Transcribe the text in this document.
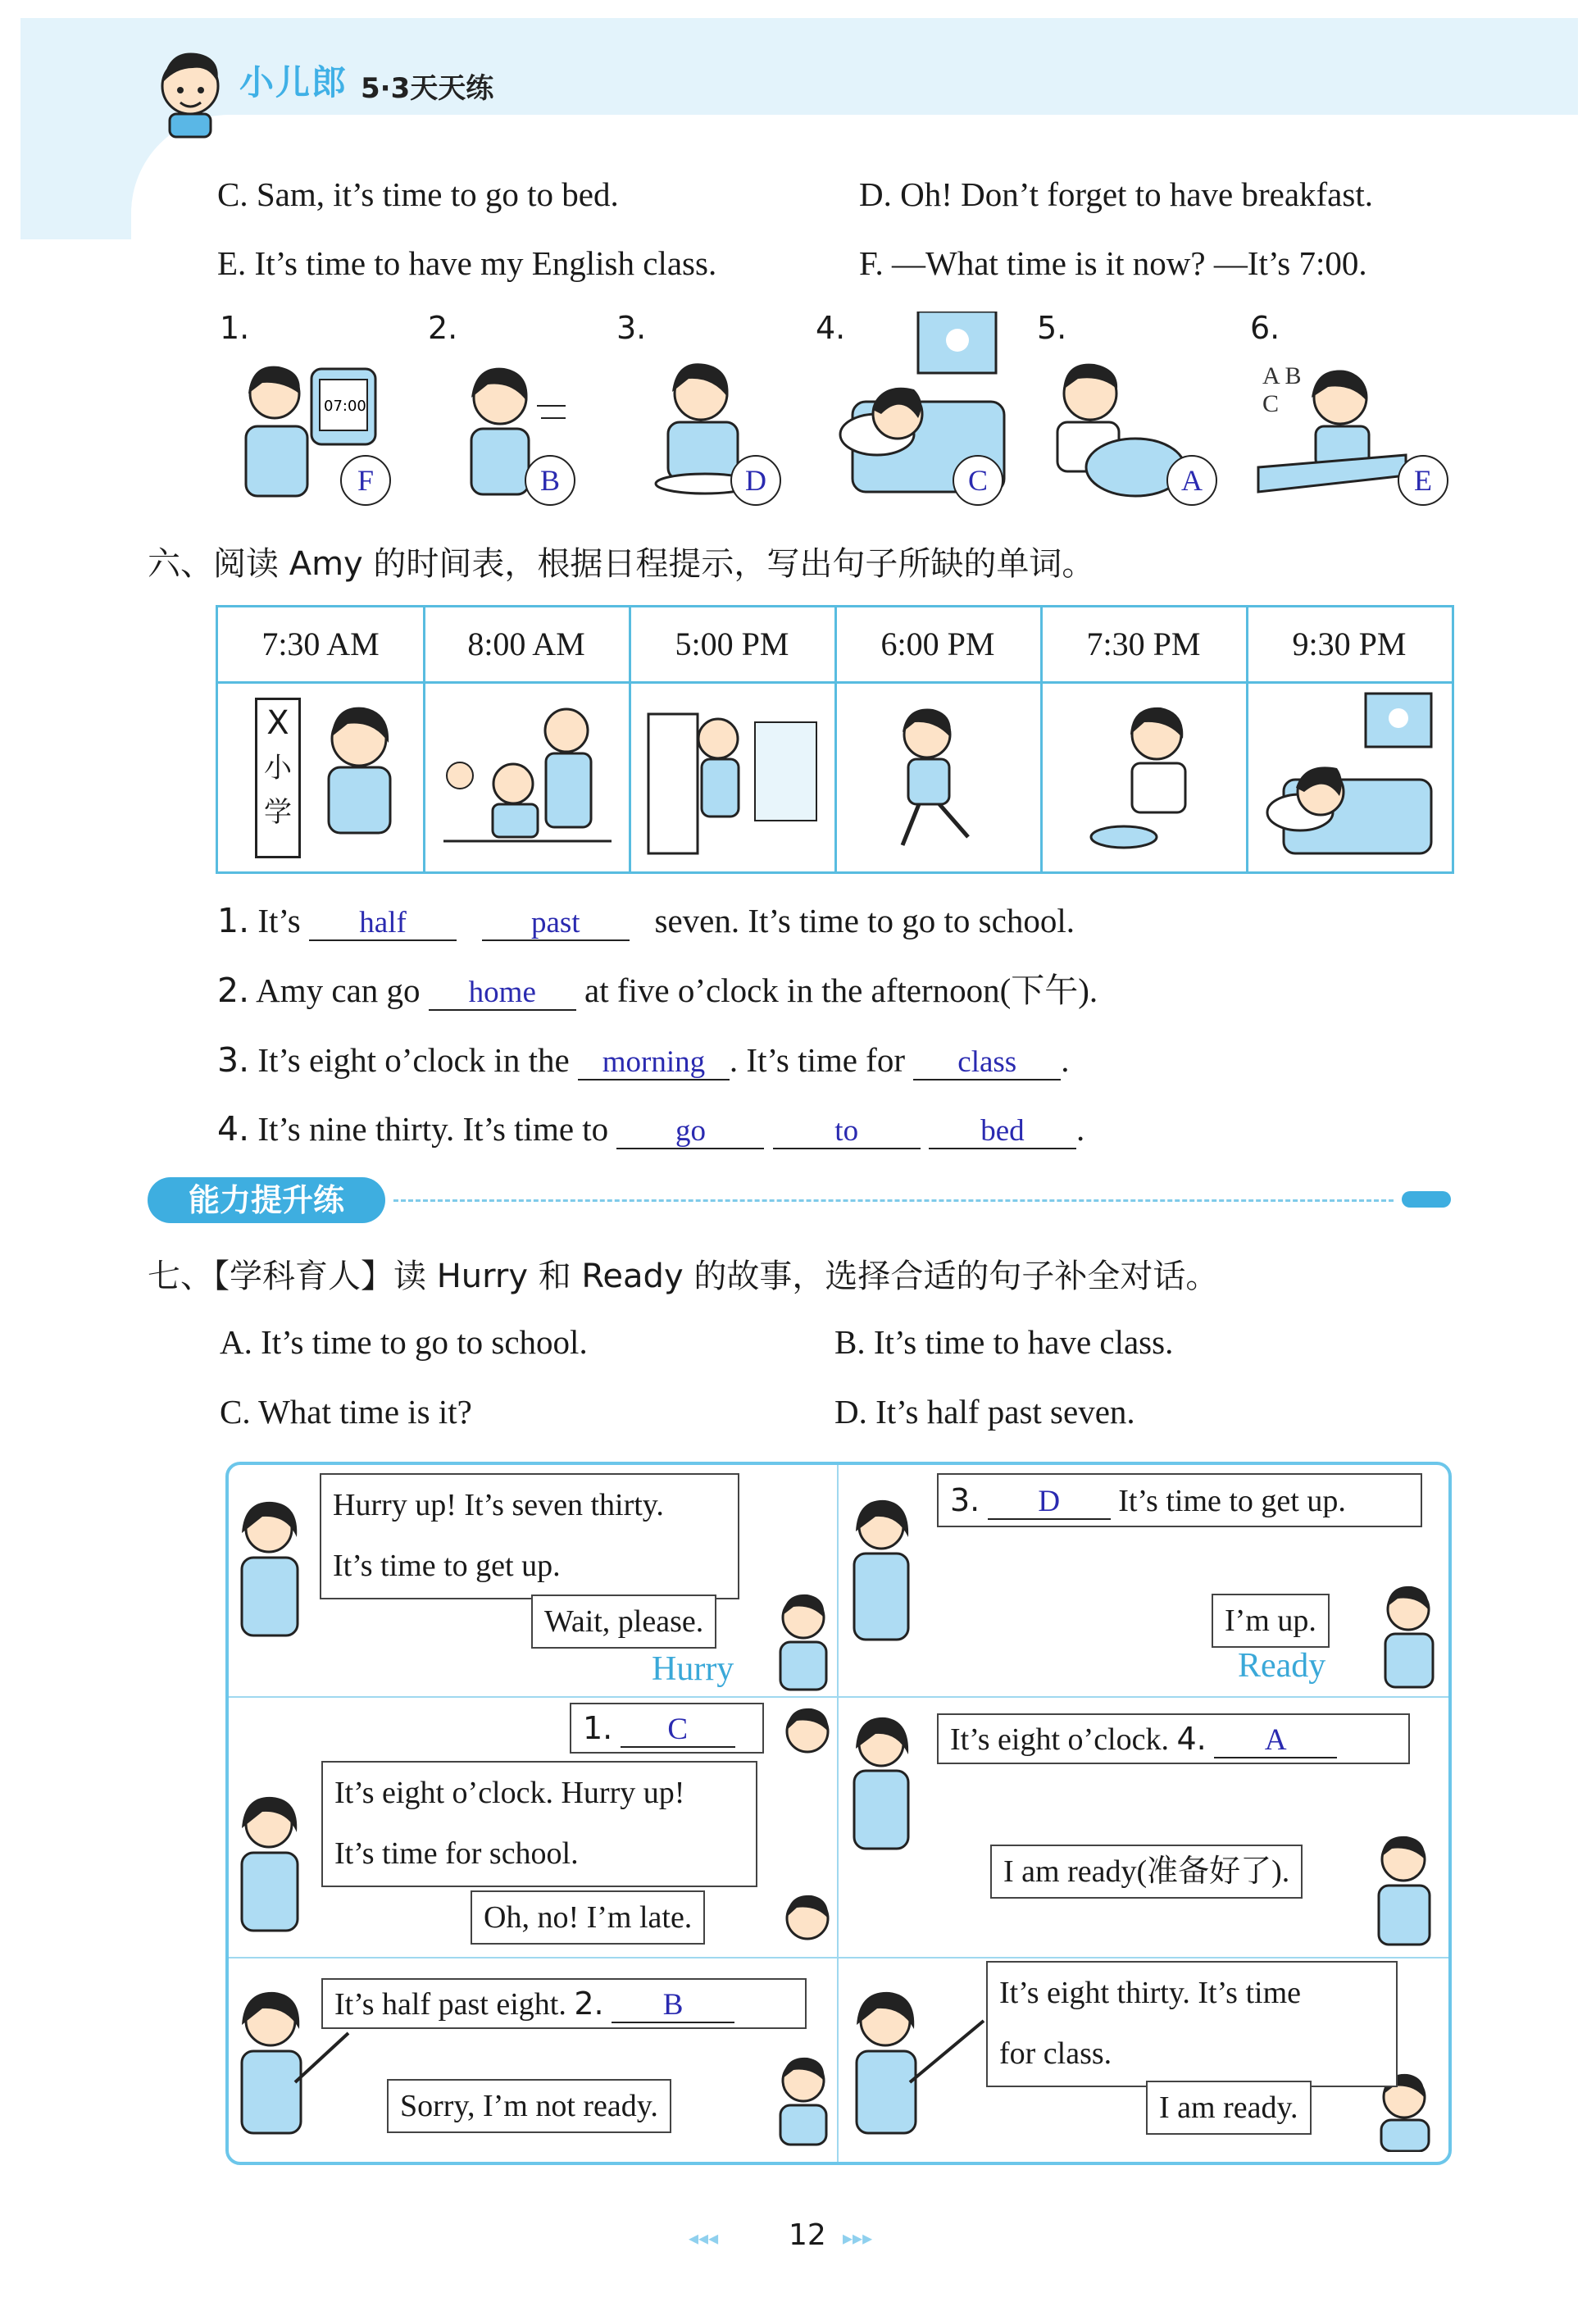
小儿郎 5·3天天练
C. Sam, it’s time to go to bed.	D. Oh! Don’t forget to have breakfast.
E. It’s time to have my English class.	F. —What time is it now? —It’s 7:00.
1.
07:00
2.	3.	4.	5.	6.
A B C
F	B	D	C	A	E
六、阅读 Amy 的时间表，根据日程提示，写出句子所缺的单词。
7:30 AM	8:00 AM	5:00 PM	6:00 PM	7:30 PM	9:30 PM
X
小
学
1. It’s half	past seven. It’s time to go to school.
2. Amy can go home at five o’clock in the afternoon(下午).
3. It’s eight o’clock in the morning . It’s time for class .
4. It’s nine thirty. It’s time to go	to	bed .
能力提升练
七、【学科育人】读 Hurry 和 Ready 的故事，选择合适的句子补全对话。
A. It’s time to go to school.	B. It’s time to have class.
C. What time is it?	D. It’s half past seven.
Hurry up! It’s seven thirty.
It’s time to get up.
Wait, please.
Hurry
3. D It’s time to get up.
I’m up.
Ready
1. C
It’s eight o’clock. Hurry up!
It’s time for school.
Oh, no! I’m late.
It’s eight o’clock. 4. A
I am ready(准备好了).
It’s half past eight. 2. B
Sorry, I’m not ready.
It’s eight thirty. It’s time
for class.
I am ready.
◂◂◂ 12 ▸▸▸
